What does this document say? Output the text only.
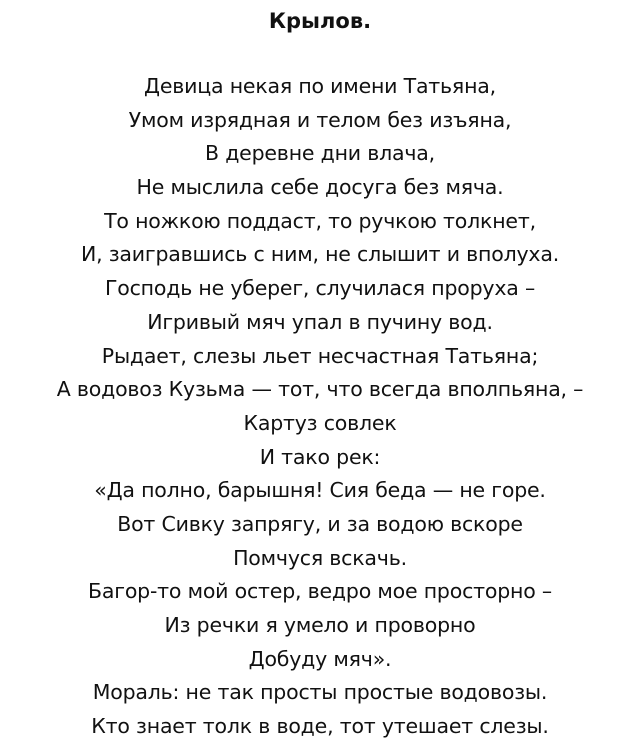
Крылов.
Девица некая по имени Татьяна,
Умом изрядная и телом без изъяна,
В деревне дни влача,
Не мыслила себе досуга без мяча.
То ножкою поддаст, то ручкою толкнет,
И, заигравшись с ним, не слышит и вполуха.
Господь не уберег, случилася проруха –
Игривый мяч упал в пучину вод.
Рыдает, слезы льет несчастная Татьяна;
А водовоз Кузьма — тот, что всегда вполпьяна, –
Картуз совлек
И тако рек:
«Да полно, барышня! Сия беда — не горе.
Вот Сивку запрягу, и за водою вскоре
Помчуся вскачь.
Багор-то мой остер, ведро мое просторно –
Из речки я умело и проворно
Добуду мяч».
Мораль: не так просты простые водовозы.
Кто знает толк в воде, тот утешает слезы.
